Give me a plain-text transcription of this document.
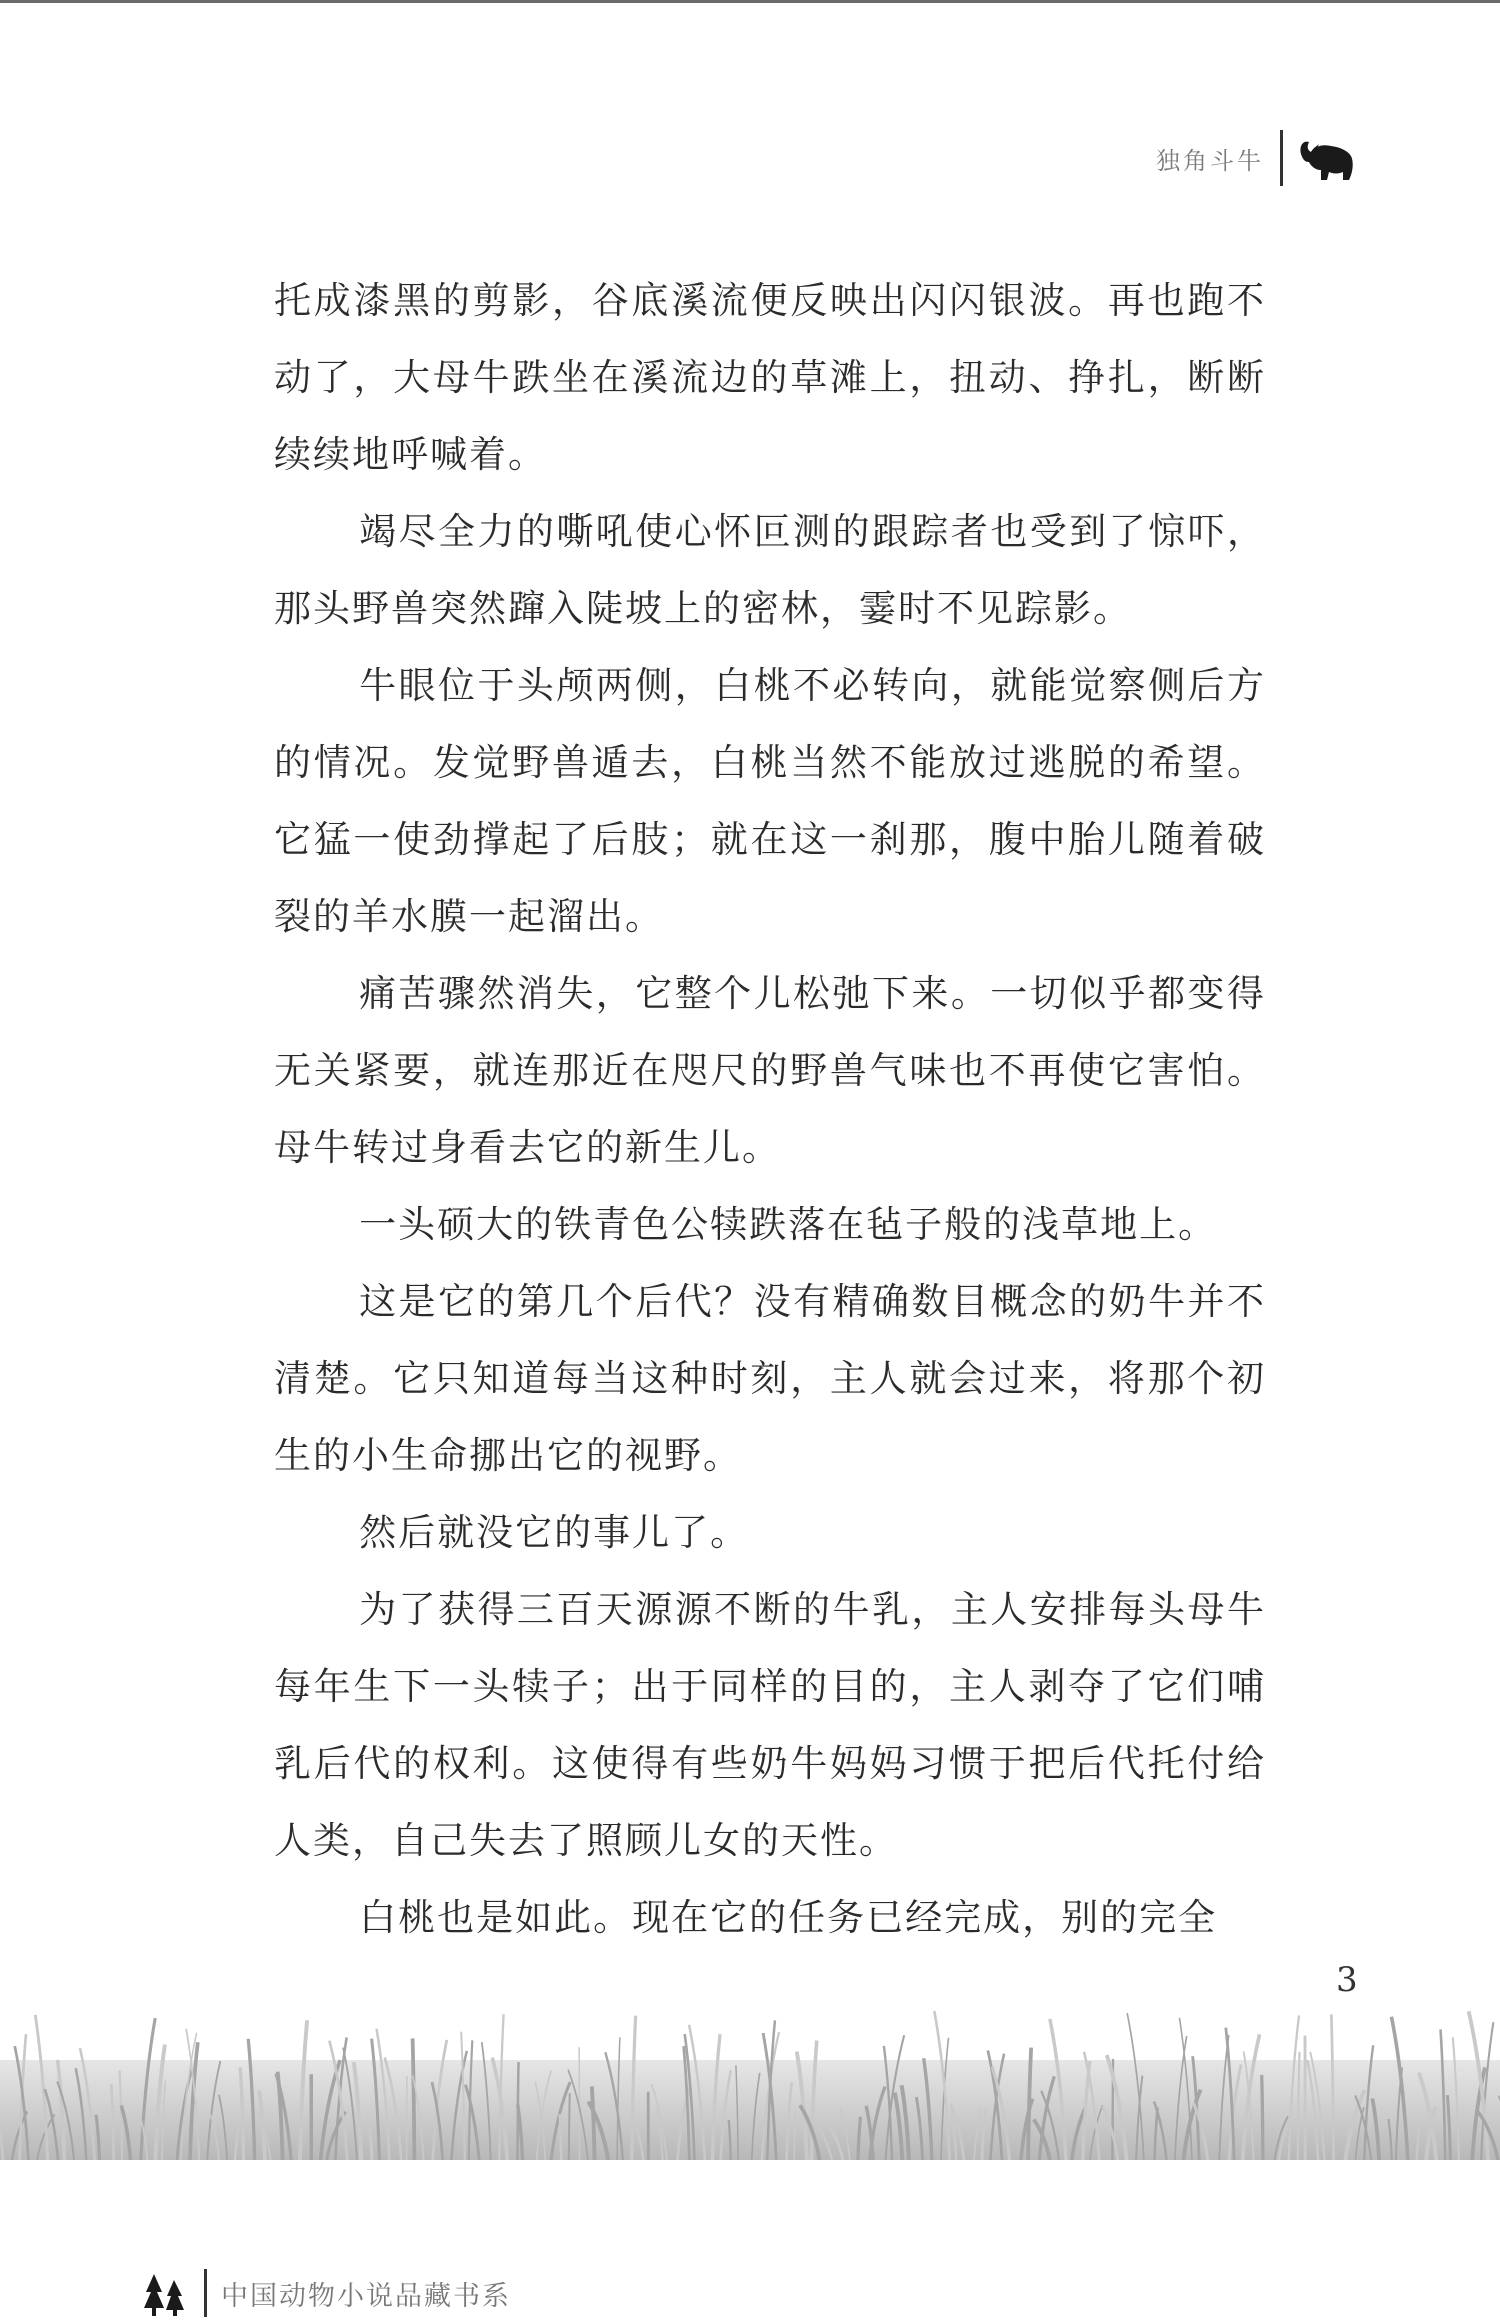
独角斗牛

托成漆黑的剪影，谷底溪流便反映出闪闪银波。再也跑不动了，大母牛跌坐在溪流边的草滩上，扭动、挣扎，断断续续地呼喊着。

竭尽全力的嘶吼使心怀叵测的跟踪者也受到了惊吓，那头野兽突然蹿入陡坡上的密林，霎时不见踪影。

牛眼位于头颅两侧，白桃不必转向，就能觉察侧后方的情况。发觉野兽遁去，白桃当然不能放过逃脱的希望。它猛一使劲撑起了后肢；就在这一刹那，腹中胎儿随着破裂的羊水膜一起溜出。

痛苦骤然消失，它整个儿松弛下来。一切似乎都变得无关紧要，就连那近在咫尺的野兽气味也不再使它害怕。母牛转过身看去它的新生儿。

一头硕大的铁青色公犊跌落在毡子般的浅草地上。

这是它的第几个后代？没有精确数目概念的奶牛并不清楚。它只知道每当这种时刻，主人就会过来，将那个初生的小生命挪出它的视野。

然后就没它的事儿了。

为了获得三百天源源不断的牛乳，主人安排每头母牛每年生下一头犊子；出于同样的目的，主人剥夺了它们哺乳后代的权利。这使得有些奶牛妈妈习惯于把后代托付给人类，自己失去了照顾儿女的天性。

白桃也是如此。现在它的任务已经完成，别的完全

3
中国动物小说品藏书系
